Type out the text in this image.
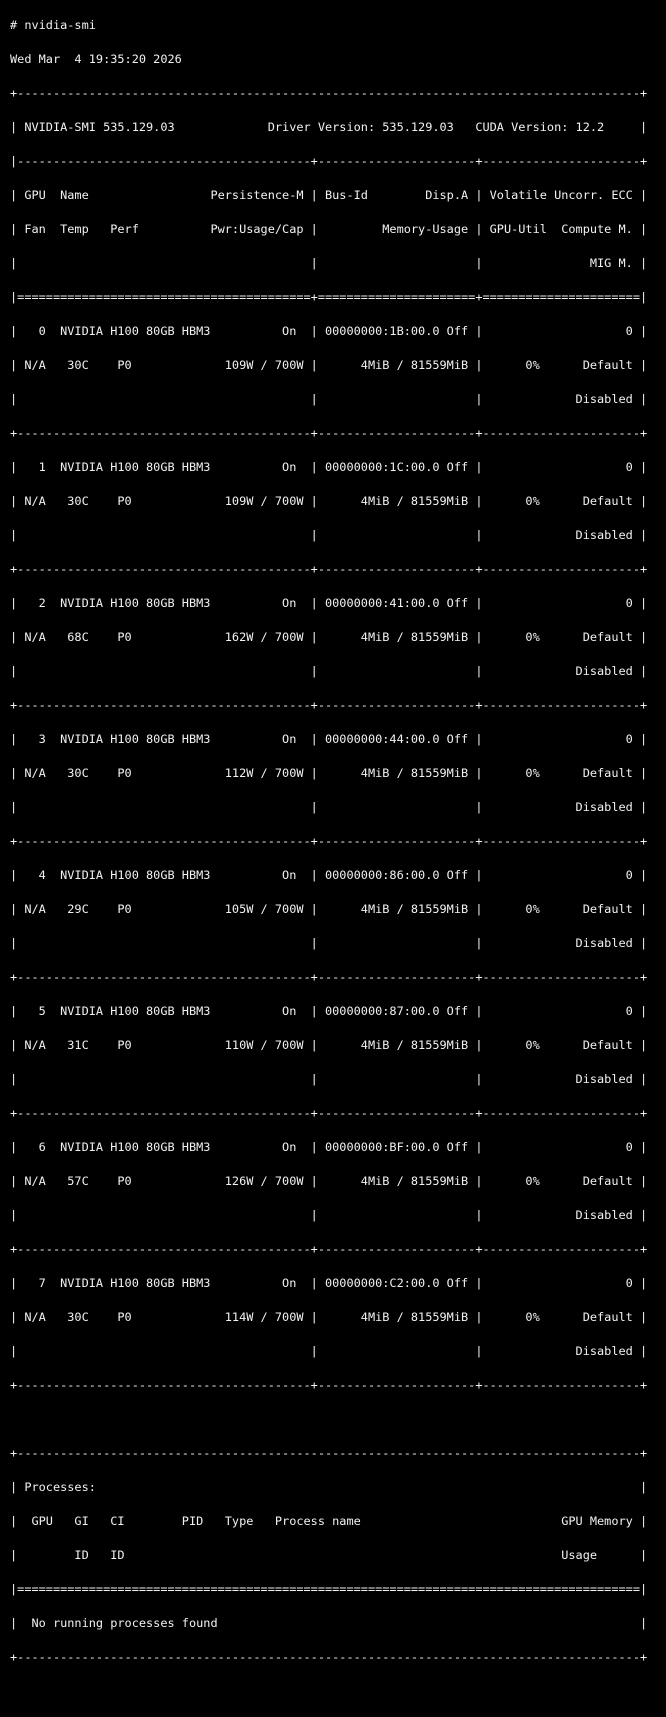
# nvidia-smi

Wed Mar  4 19:35:20 2026

+---------------------------------------------------------------------------------------+

| NVIDIA-SMI 535.129.03             Driver Version: 535.129.03   CUDA Version: 12.2     |

|-----------------------------------------+----------------------+----------------------+

| GPU  Name                 Persistence-M | Bus-Id        Disp.A | Volatile Uncorr. ECC |

| Fan  Temp   Perf          Pwr:Usage/Cap |         Memory-Usage | GPU-Util  Compute M. |

|                                         |                      |               MIG M. |

|=========================================+======================+======================|

|   0  NVIDIA H100 80GB HBM3          On  | 00000000:1B:00.0 Off |                    0 |

| N/A   30C    P0             109W / 700W |      4MiB / 81559MiB |      0%      Default |

|                                         |                      |             Disabled |

+-----------------------------------------+----------------------+----------------------+

|   1  NVIDIA H100 80GB HBM3          On  | 00000000:1C:00.0 Off |                    0 |

| N/A   30C    P0             109W / 700W |      4MiB / 81559MiB |      0%      Default |

|                                         |                      |             Disabled |

+-----------------------------------------+----------------------+----------------------+

|   2  NVIDIA H100 80GB HBM3          On  | 00000000:41:00.0 Off |                    0 |

| N/A   68C    P0             162W / 700W |      4MiB / 81559MiB |      0%      Default |

|                                         |                      |             Disabled |

+-----------------------------------------+----------------------+----------------------+

|   3  NVIDIA H100 80GB HBM3          On  | 00000000:44:00.0 Off |                    0 |

| N/A   30C    P0             112W / 700W |      4MiB / 81559MiB |      0%      Default |

|                                         |                      |             Disabled |

+-----------------------------------------+----------------------+----------------------+

|   4  NVIDIA H100 80GB HBM3          On  | 00000000:86:00.0 Off |                    0 |

| N/A   29C    P0             105W / 700W |      4MiB / 81559MiB |      0%      Default |

|                                         |                      |             Disabled |

+-----------------------------------------+----------------------+----------------------+

|   5  NVIDIA H100 80GB HBM3          On  | 00000000:87:00.0 Off |                    0 |

| N/A   31C    P0             110W / 700W |      4MiB / 81559MiB |      0%      Default |

|                                         |                      |             Disabled |

+-----------------------------------------+----------------------+----------------------+

|   6  NVIDIA H100 80GB HBM3          On  | 00000000:BF:00.0 Off |                    0 |

| N/A   57C    P0             126W / 700W |      4MiB / 81559MiB |      0%      Default |

|                                         |                      |             Disabled |

+-----------------------------------------+----------------------+----------------------+

|   7  NVIDIA H100 80GB HBM3          On  | 00000000:C2:00.0 Off |                    0 |

| N/A   30C    P0             114W / 700W |      4MiB / 81559MiB |      0%      Default |

|                                         |                      |             Disabled |

+-----------------------------------------+----------------------+----------------------+

+---------------------------------------------------------------------------------------+

| Processes:                                                                            |

|  GPU   GI   CI        PID   Type   Process name                            GPU Memory |

|        ID   ID                                                             Usage      |

|=======================================================================================|

|  No running processes found                                                           |

+---------------------------------------------------------------------------------------+
